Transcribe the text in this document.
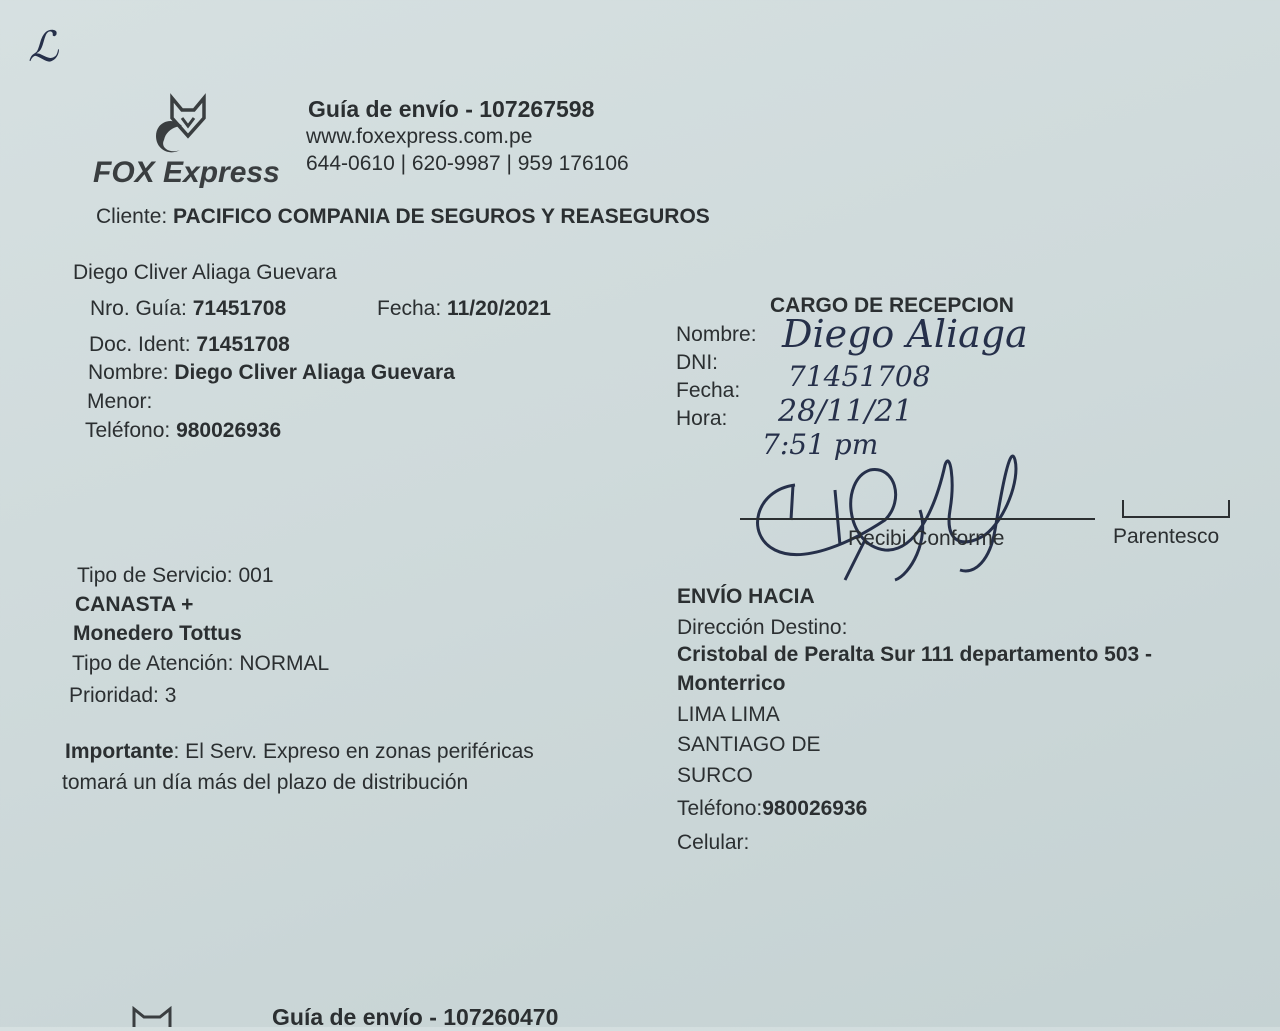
ℒ
FOX Express
Guía de envío - 107267598
www.foxexpress.com.pe
644-0610 | 620-9987 | 959 176106
Cliente: PACIFICO COMPANIA DE SEGUROS Y REASEGUROS
Diego Cliver Aliaga Guevara
Nro. Guía: 71451708	Fecha: 11/20/2021
Doc. Ident: 71451708
Nombre: Diego Cliver Aliaga Guevara
Menor:
Teléfono: 980026936
CARGO DE RECEPCION
Nombre:
DNI:
Fecha:
Hora:
Diego Aliaga
71451708
28/11/21
7:51 pm
Recibi Conforme	Parentesco
Tipo de Servicio: 001
CANASTA +
Monedero Tottus
Tipo de Atención: NORMAL
Prioridad: 3
Importante: El Serv. Expreso en zonas periféricas
tomará un día más del plazo de distribución
ENVÍO HACIA
Dirección Destino:
Cristobal de Peralta Sur 111 departamento 503 -
Monterrico
LIMA LIMA
SANTIAGO DE
SURCO
Teléfono:980026936
Celular:
Guía de envío - 107260470
